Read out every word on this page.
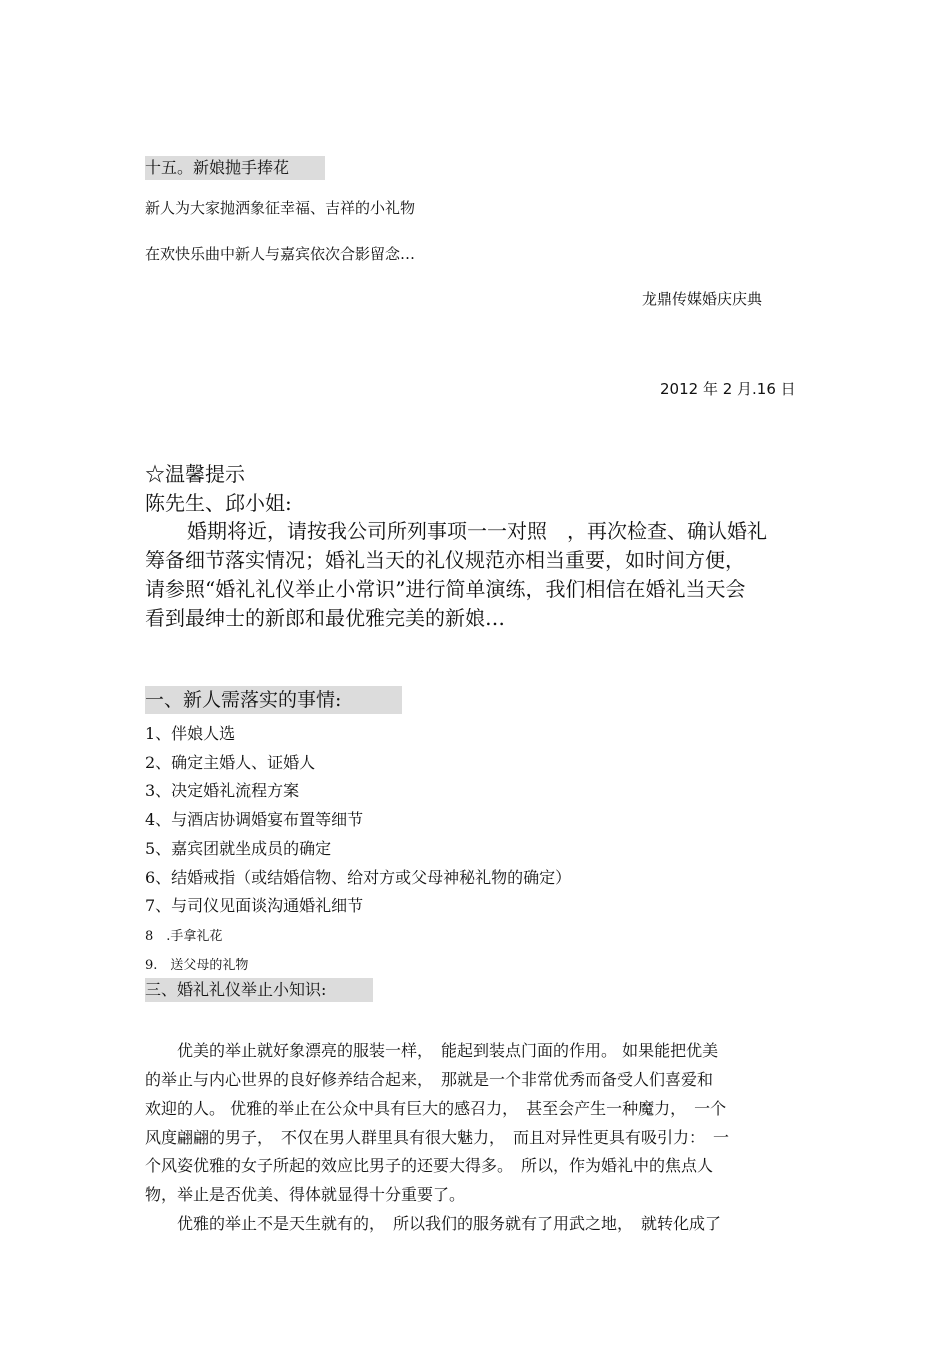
十五。新娘抛手捧花
新人为大家抛洒象征幸福、吉祥的小礼物
在欢快乐曲中新人与嘉宾依次合影留念…
龙鼎传媒婚庆庆典
2012 年 2 月.16 日
☆温馨提示
陈先生、邱小姐:
婚期将近，请按我公司所列事项一一对照　，再次检查、确认婚礼
筹备细节落实情况；婚礼当天的礼仪规范亦相当重要，如时间方便，
请参照“婚礼礼仪举止小常识”进行简单演练，我们相信在婚礼当天会
看到最绅士的新郎和最优雅完美的新娘…
一、新人需落实的事情:
1、伴娘人选
2、确定主婚人、证婚人
3、决定婚礼流程方案
4、与酒店协调婚宴布置等细节
5、嘉宾团就坐成员的确定
6、结婚戒指（或结婚信物、给对方或父母神秘礼物的确定）
7、与司仪见面谈沟通婚礼细节
8　.手拿礼花
9.　送父母的礼物
三、婚礼礼仪举止小知识:
　　优美的举止就好象漂亮的服装一样，　能起到装点门面的作用。 如果能把优美
的举止与内心世界的良好修养结合起来，　那就是一个非常优秀而备受人们喜爱和
欢迎的人。 优雅的举止在公众中具有巨大的感召力，　甚至会产生一种魔力，　一个
风度翩翩的男子，　不仅在男人群里具有很大魅力，　而且对异性更具有吸引力：　一
个风姿优雅的女子所起的效应比男子的还要大得多。　所以，作为婚礼中的焦点人
物，举止是否优美、得体就显得十分重要了。
　　优雅的举止不是天生就有的，　所以我们的服务就有了用武之地，　就转化成了
